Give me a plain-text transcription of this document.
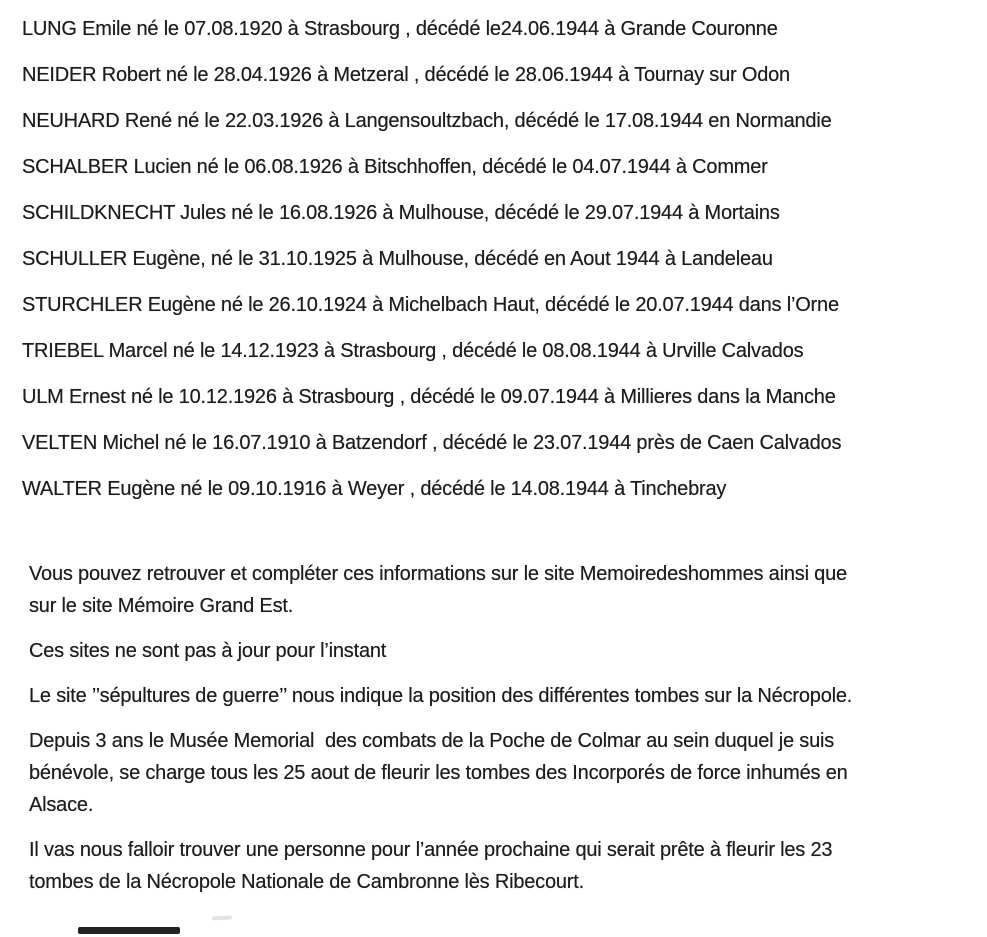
LUNG Emile né le 07.08.1920 à Strasbourg , décédé le24.06.1944 à Grande Couronne
NEIDER Robert né le 28.04.1926 à Metzeral , décédé le 28.06.1944 à Tournay sur Odon
NEUHARD René né le 22.03.1926 à Langensoultzbach, décédé le 17.08.1944 en Normandie
SCHALBER Lucien né le 06.08.1926 à Bitschhoffen, décédé le 04.07.1944 à Commer
SCHILDKNECHT Jules né le 16.08.1926 à Mulhouse, décédé le 29.07.1944 à Mortains
SCHULLER Eugène, né le 31.10.1925 à Mulhouse, décédé en Aout 1944 à Landeleau
STURCHLER Eugène né le 26.10.1924 à Michelbach Haut, décédé le 20.07.1944 dans l’Orne
TRIEBEL Marcel né le 14.12.1923 à Strasbourg , décédé le 08.08.1944 à Urville Calvados
ULM Ernest né le 10.12.1926 à Strasbourg , décédé le 09.07.1944 à Millieres dans la Manche
VELTEN Michel né le 16.07.1910 à Batzendorf , décédé le 23.07.1944 près de Caen Calvados
WALTER Eugène né le 09.10.1916 à Weyer , décédé le 14.08.1944 à Tinchebray
Vous pouvez retrouver et compléter ces informations sur le site Memoiredeshommes ainsi que
sur le site Mémoire Grand Est.
Ces sites ne sont pas à jour pour l’instant
Le site ’’sépultures de guerre’’ nous indique la position des différentes tombes sur la Nécropole.
Depuis 3 ans le Musée Memorial  des combats de la Poche de Colmar au sein duquel je suis
bénévole, se charge tous les 25 aout de fleurir les tombes des Incorporés de force inhumés en
Alsace.
Il vas nous falloir trouver une personne pour l’année prochaine qui serait prête à fleurir les 23
tombes de la Nécropole Nationale de Cambronne lès Ribecourt.
